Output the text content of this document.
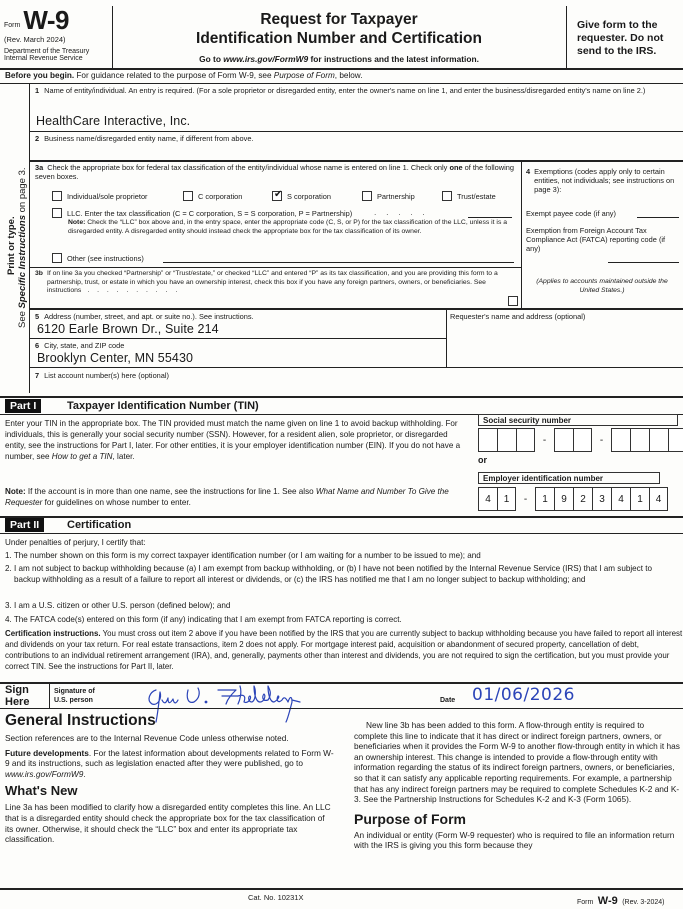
Form W-9
(Rev. March 2024)
Department of the Treasury
Internal Revenue Service
Request for Taxpayer
Identification Number and Certification
Go to www.irs.gov/FormW9 for instructions and the latest information.
Give form to the requester. Do not send to the IRS.
Before you begin. For guidance related to the purpose of Form W-9, see Purpose of Form, below.
Print or type.
See Specific Instructions on page 3.
1 Name of entity/individual. An entry is required. (For a sole proprietor or disregarded entity, enter the owner's name on line 1, and enter the business/disregarded entity's name on line 2.)
HealthCare Interactive, Inc.
2 Business name/disregarded entity name, if different from above.
3a Check the appropriate box for federal tax classification of the entity/individual whose name is entered on line 1. Check only one of the following seven boxes.
Individual/sole proprietor	C corporation	✔ S corporation	Partnership	Trust/estate
LLC. Enter the tax classification (C = C corporation, S = S corporation, P = Partnership)	. . . . .
Note: Check the “LLC” box above and, in the entry space, enter the appropriate code (C, S, or P) for the tax classification of the LLC, unless it is a disregarded entity. A disregarded entity should instead check the appropriate box for the tax classification of its owner.
Other (see instructions)
4 Exemptions (codes apply only to certain entities, not individuals; see instructions on page 3):
Exempt payee code (if any)
Exemption from Foreign Account Tax Compliance Act (FATCA) reporting code (if any)
(Applies to accounts maintained outside the United States.)
3b If on line 3a you checked “Partnership” or “Trust/estate,” or checked “LLC” and entered “P” as its tax classification, and you are providing this form to a partnership, trust, or estate in which you have an ownership interest, check this box if you have any foreign partners, owners, or beneficiaries. See instructions . . . . . . . . . .
5 Address (number, street, and apt. or suite no.). See instructions.
6120 Earle Brown Dr., Suite 214
6 City, state, and ZIP code
Brooklyn Center, MN 55430
Requester's name and address (optional)
7 List account number(s) here (optional)
Part I	Taxpayer Identification Number (TIN)
Enter your TIN in the appropriate box. The TIN provided must match the name given on line 1 to avoid backup withholding. For individuals, this is generally your social security number (SSN). However, for a resident alien, sole proprietor, or disregarded entity, see the instructions for Part I, later. For other entities, it is your employer identification number (EIN). If you do not have a number, see How to get a TIN, later.
Note: If the account is in more than one name, see the instructions for line 1. See also What Name and Number To Give the Requester for guidelines on whose number to enter.
Social security number
-	-
or
Employer identification number
4	1	-	1	9	2	3	4	1	4
Part II	Certification
Under penalties of perjury, I certify that:
1. The number shown on this form is my correct taxpayer identification number (or I am waiting for a number to be issued to me); and
2. I am not subject to backup withholding because (a) I am exempt from backup withholding, or (b) I have not been notified by the Internal Revenue Service (IRS) that I am subject to backup withholding as a result of a failure to report all interest or dividends, or (c) the IRS has notified me that I am no longer subject to backup withholding; and
3. I am a U.S. citizen or other U.S. person (defined below); and
4. The FATCA code(s) entered on this form (if any) indicating that I am exempt from FATCA reporting is correct.
Certification instructions. You must cross out item 2 above if you have been notified by the IRS that you are currently subject to backup withholding because you have failed to report all interest and dividends on your tax return. For real estate transactions, item 2 does not apply. For mortgage interest paid, acquisition or abandonment of secured property, cancellation of debt, contributions to an individual retirement arrangement (IRA), and, generally, payments other than interest and dividends, you are not required to sign the certification, but you must provide your correct TIN. See the instructions for Part II, later.
Sign
Here
Signature of
U.S. person	Date 01/06/2026
General Instructions

Section references are to the Internal Revenue Code unless otherwise noted.

Future developments. For the latest information about developments related to Form W-9 and its instructions, such as legislation enacted after they were published, go to www.irs.gov/FormW9.

What's New

Line 3a has been modified to clarify how a disregarded entity completes this line. An LLC that is a disregarded entity should check the appropriate box for the tax classification of its owner. Otherwise, it should check the “LLC” box and enter its appropriate tax classification.

New line 3b has been added to this form. A flow-through entity is required to complete this line to indicate that it has direct or indirect foreign partners, owners, or beneficiaries when it provides the Form W-9 to another flow-through entity in which it has an ownership interest. This change is intended to provide a flow-through entity with information regarding the status of its indirect foreign partners, owners, or beneficiaries, so that it can satisfy any applicable reporting requirements. For example, a partnership that has any indirect foreign partners may be required to complete Schedules K-2 and K-3. See the Partnership Instructions for Schedules K-2 and K-3 (Form 1065).

Purpose of Form

An individual or entity (Form W-9 requester) who is required to file an information return with the IRS is giving you this form because they

Cat. No. 10231X
Form W-9 (Rev. 3-2024)
